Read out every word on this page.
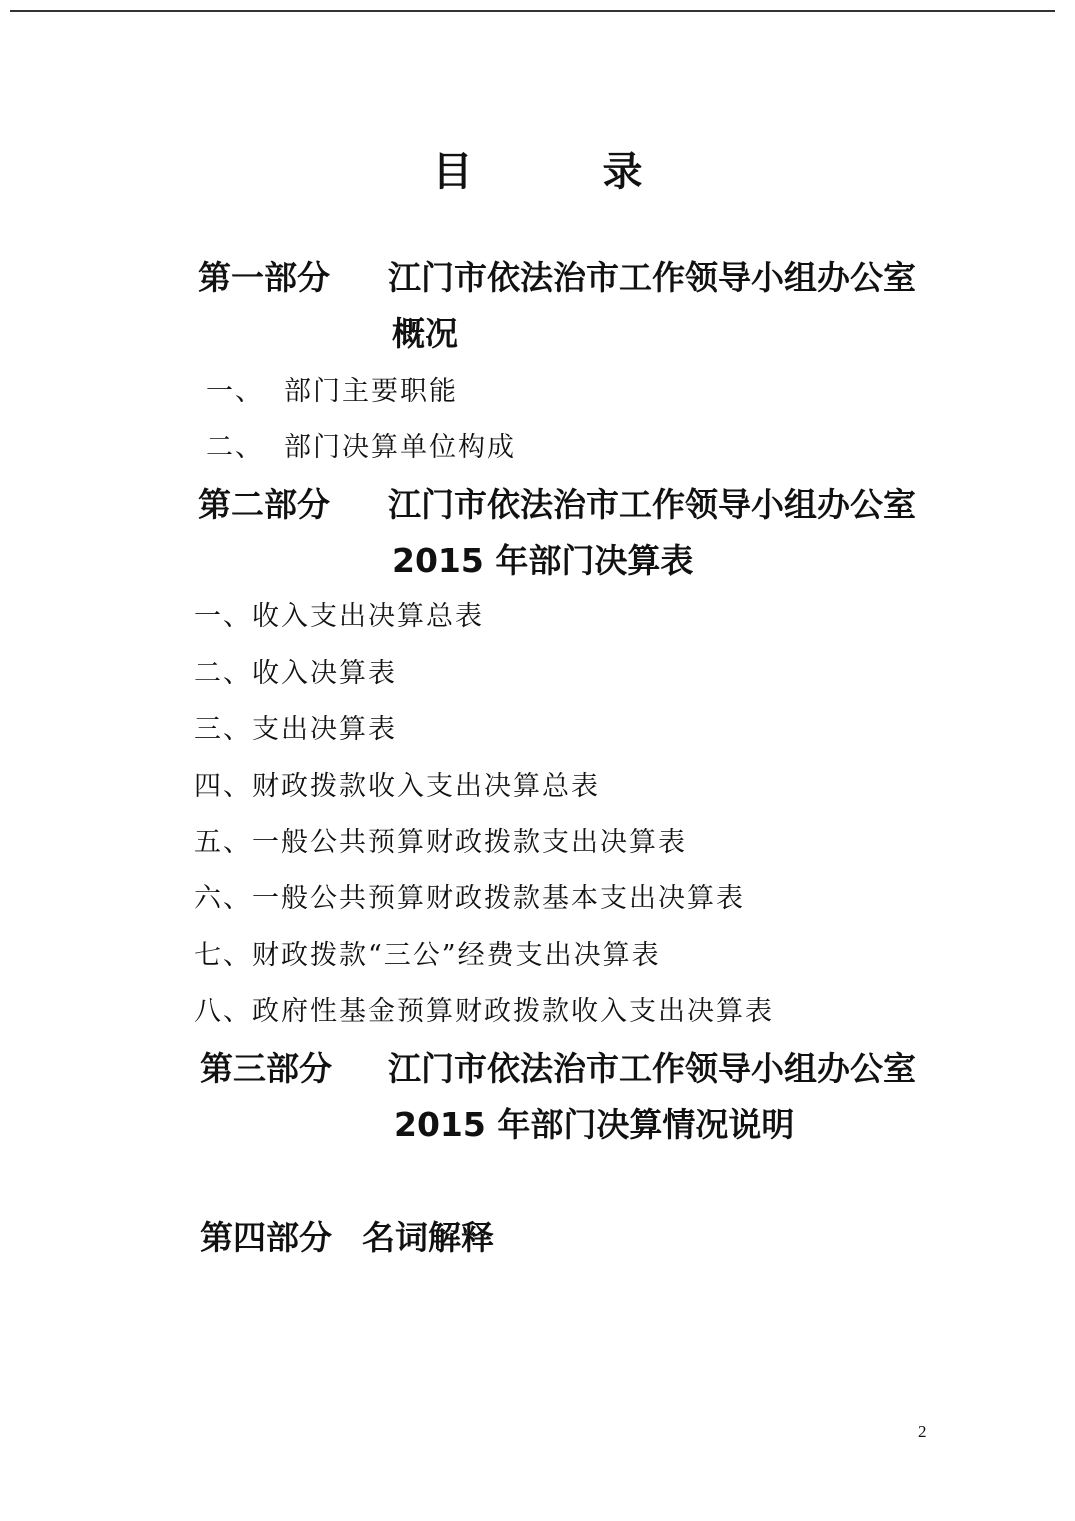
目	录
第一部分 江门市依法治市工作领导小组办公室
概况
一、 部门主要职能
二、 部门决算单位构成
第二部分 江门市依法治市工作领导小组办公室
2015 年部门决算表
一、收入支出决算总表
二、收入决算表
三、支出决算表
四、财政拨款收入支出决算总表
五、一般公共预算财政拨款支出决算表
六、一般公共预算财政拨款基本支出决算表
七、财政拨款“三公”经费支出决算表
八、政府性基金预算财政拨款收入支出决算表
第三部分 江门市依法治市工作领导小组办公室
2015 年部门决算情况说明
第四部分 名词解释
2
